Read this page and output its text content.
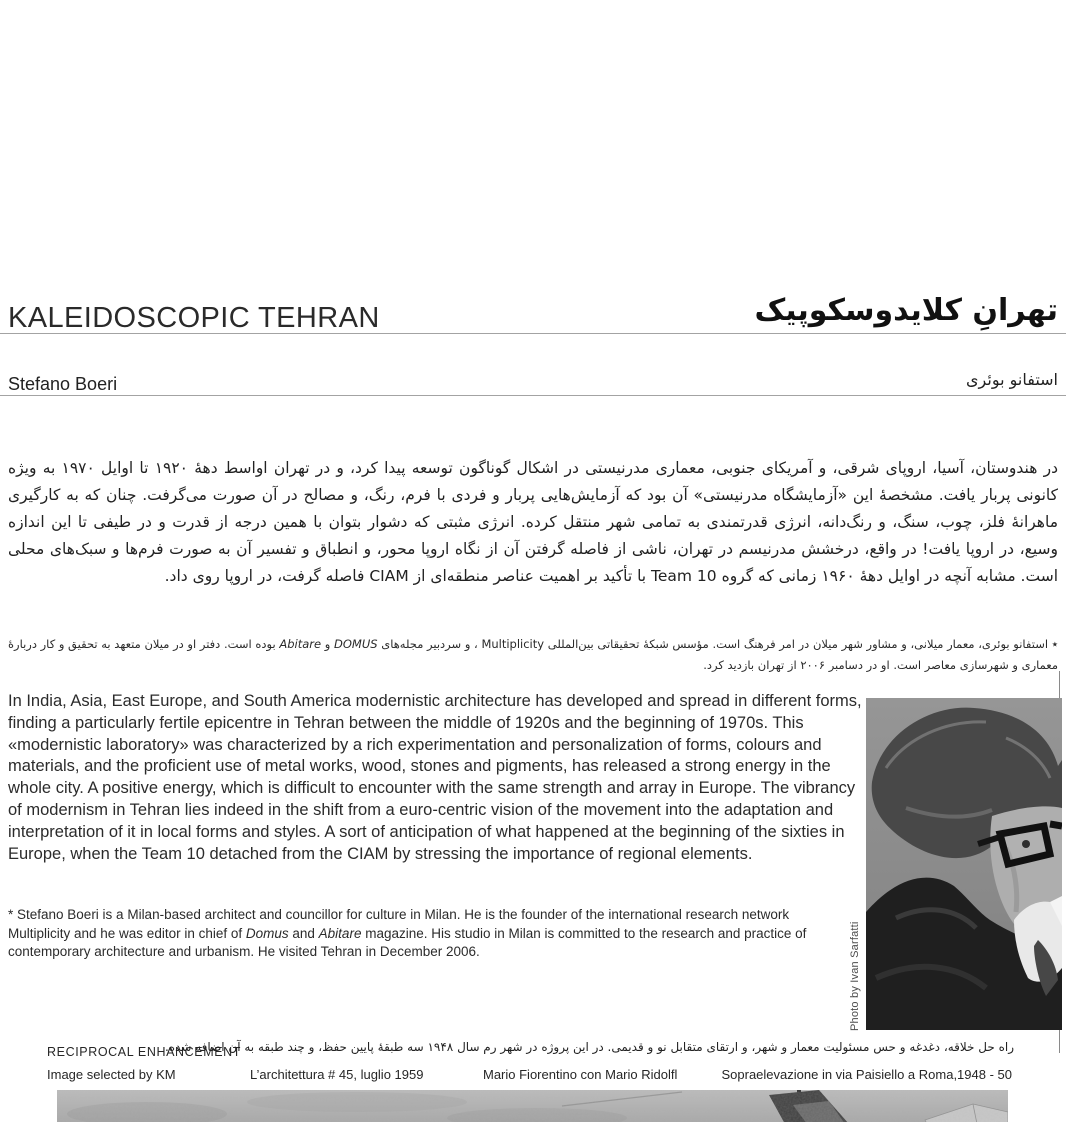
KALEIDOSCOPIC TEHRAN	تهرانِ کلایدوسکوپیک
Stefano Boeri	استفانو بوئری

در هندوستان، آسیا، اروپای شرقی، و آمریکای جنوبی، معماری مدرنیستی در اشکال گوناگون توسعه پیدا کرد، و در تهران اواسط دهۀ ۱۹۲۰ تا اوایل ۱۹۷۰ به ویژه کانونی پربار یافت. مشخصۀ این «آزمایشگاه مدرنیستی» آن بود که آزمایش‌هایی پربار و فردی با فرم، رنگ، و مصالح در آن صورت می‌گرفت. چنان که به کارگیری ماهرانۀ فلز، چوب، سنگ، و رنگ‌دانه، انرژی قدرتمندی به تمامی شهر منتقل کرده. انرژی مثبتی که دشوار بتوان با همین درجه از قدرت و در طیفی تا این اندازه وسیع، در اروپا یافت! در واقع، درخشش مدرنیسم در تهران، ناشی از فاصله گرفتن آن از نگاه اروپا محور، و انطباق و تفسیر آن به صورت فرم‌ها و سبک‌های محلی است. مشابه آنچه در اوایل دهۀ ۱۹۶۰ زمانی که گروه Team 10 با تأکید بر اهمیت عناصر منطقه‌ای از CIAM فاصله گرفت، در اروپا روی داد.

٭ استفانو بوئری، معمار میلانی، و مشاور شهر میلان در امر فرهنگ است. مؤسس شبکۀ تحقیقاتی بین‌المللی Multiplicity ، و سردبیر مجله‌های DOMUS و Abitare بوده است. دفتر او در میلان متعهد به تحقیق و کار دربارۀ معماری و شهرسازی معاصر است. او در دسامبر ۲۰۰۶ از تهران بازدید کرد.

In India, Asia, East Europe, and South America modernistic architecture has developed and spread in different forms, finding a particularly fertile epicentre in Tehran between the middle of 1920s and the beginning of 1970s. This «modernistic laboratory» was characterized by a rich experimentation and personalization of forms, colours and materials, and the proficient use of metal works, wood, stones and pigments, has released a strong energy in the whole city. A positive energy, which is difficult to encounter with the same strength and array in Europe. The vibrancy of modernism in Tehran lies indeed in the shift from a euro-centric vision of the movement into the adaptation and interpretation of it in local forms and styles. A sort of anticipation of what happened at the beginning of the sixties in Europe, when the Team 10 detached from the CIAM by stressing the importance of regional elements.

* Stefano Boeri is a Milan-based architect and councillor for culture in Milan. He is the founder of the international research network Multiplicity and he was editor in chief of Domus and Abitare magazine. His studio in Milan is committed to the research and practice of contemporary architecture and urbanism. He visited Tehran in December 2006.	Photo by Ivan Sarfatti
RECIPROCAL ENHANCEMENT
راه حل خلاقه، دغدغه و حس مسئولیت معمار و شهر، و ارتقای متقابل نو و قدیمی. در این پروژه در شهر رم سال ۱۹۴۸ سه طبقۀ پایین حفظ، و چند طبقه به آن اضافه شده.
Image selected by KM	L’architettura # 45, luglio 1959	Mario Fiorentino con Mario Ridolfl	Sopraelevazione in via Paisiello a Roma,1948 - 50
